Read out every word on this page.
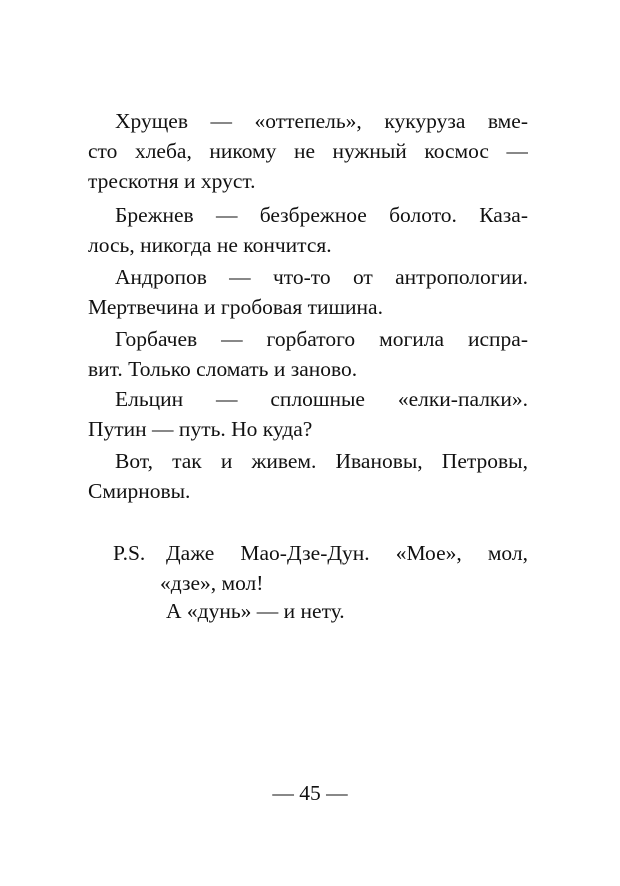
Хрущев — «оттепель», кукуруза вме-
сто хлеба, никому не нужный космос —
трескотня и хруст.
Брежнев — безбрежное болото. Каза-
лось, никогда не кончится.
Андропов — что-то от антропологии.
Мертвечина и гробовая тишина.
Горбачев — горбатого могила испра-
вит. Только сломать и заново.
Ельцин — сплошные «елки-палки».
Путин — путь. Но куда?
Вот, так и живем. Ивановы, Петровы,
Смирновы.
P.S. Даже Мао-Дзе-Дун. «Мое», мол,
«дзе», мол!
А «дунь» — и нету.
— 45 —
